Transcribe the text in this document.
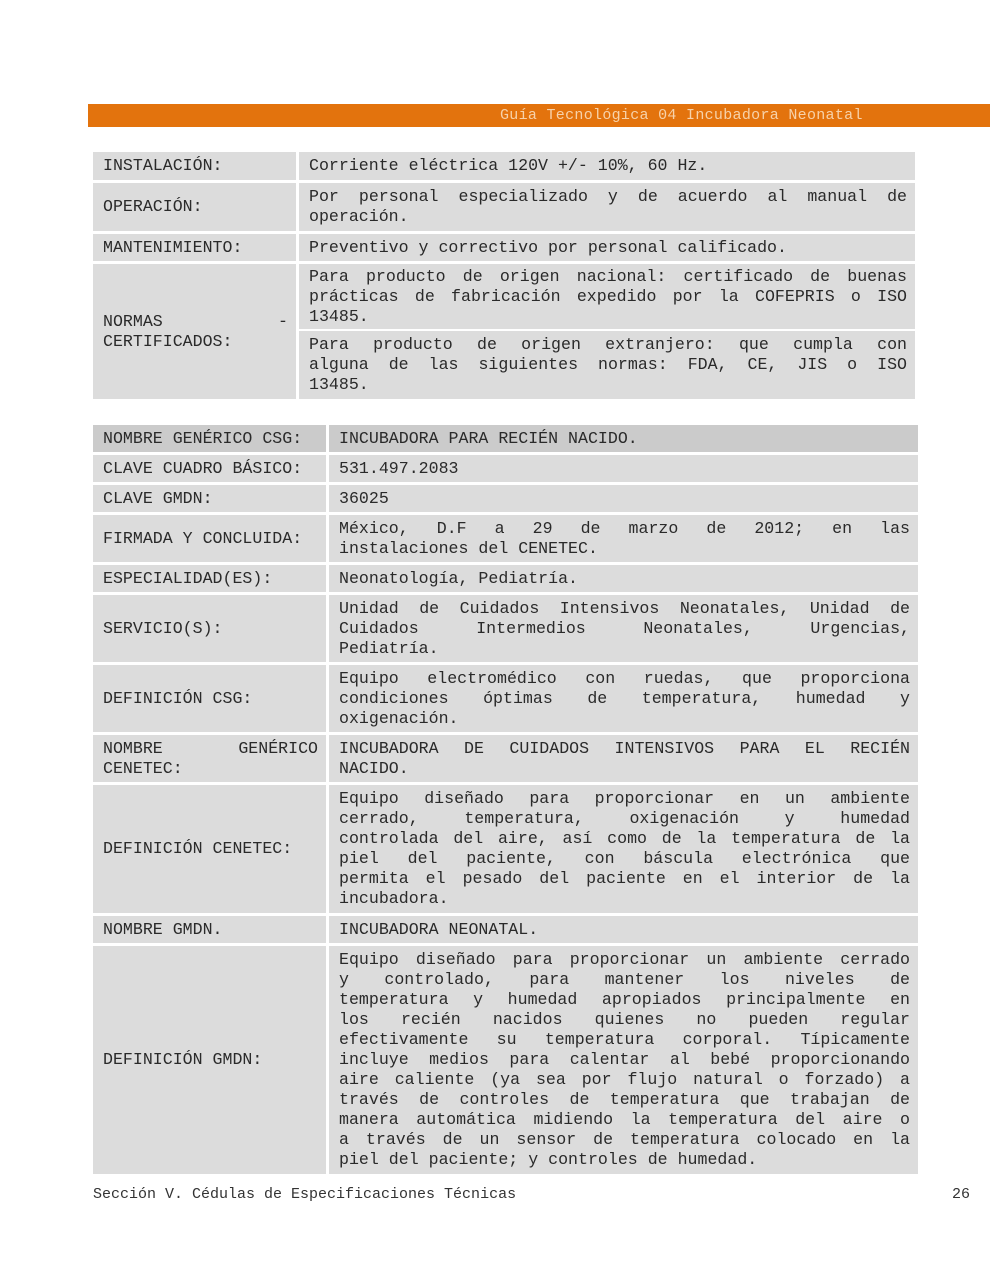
Guía Tecnológica 04 Incubadora Neonatal
INSTALACIÓN:	Corriente eléctrica 120V +/- 10%, 60 Hz.
OPERACIÓN:
Por personal especializado y de acuerdo al manual de
operación.
MANTENIMIENTO:	Preventivo y correctivo por personal calificado.
NORMAS -
CERTIFICADOS:
Para producto de origen nacional: certificado de buenas
prácticas de fabricación expedido por la COFEPRIS o ISO
13485.
Para producto de origen extranjero: que cumpla con
alguna de las siguientes normas: FDA, CE, JIS o ISO
13485.
NOMBRE GENÉRICO CSG:	INCUBADORA PARA RECIÉN NACIDO.
CLAVE CUADRO BÁSICO:	531.497.2083
CLAVE GMDN:	36025
FIRMADA Y CONCLUIDA:
México, D.F a 29 de marzo de 2012; en las
instalaciones del CENETEC.
ESPECIALIDAD(ES):	Neonatología, Pediatría.
SERVICIO(S):
Unidad de Cuidados Intensivos Neonatales, Unidad de
Cuidados Intermedios Neonatales, Urgencias,
Pediatría.
DEFINICIÓN CSG:
Equipo electromédico con ruedas, que proporciona
condiciones óptimas de temperatura, humedad y
oxigenación.
NOMBRE GENÉRICO
CENETEC:
INCUBADORA DE CUIDADOS INTENSIVOS PARA EL RECIÉN
NACIDO.
DEFINICIÓN CENETEC:
Equipo diseñado para proporcionar en un ambiente
cerrado, temperatura, oxigenación y humedad
controlada del aire, así como de la temperatura de la
piel del paciente, con báscula electrónica que
permita el pesado del paciente en el interior de la
incubadora.
NOMBRE GMDN.	INCUBADORA NEONATAL.
DEFINICIÓN GMDN:
Equipo diseñado para proporcionar un ambiente cerrado
y controlado, para mantener los niveles de
temperatura y humedad apropiados principalmente en
los recién nacidos quienes no pueden regular
efectivamente su temperatura corporal. Típicamente
incluye medios para calentar al bebé proporcionando
aire caliente (ya sea por flujo natural o forzado) a
través de controles de temperatura que trabajan de
manera automática midiendo la temperatura del aire o
a través de un sensor de temperatura colocado en la
piel del paciente; y controles de humedad.
Sección V. Cédulas de Especificaciones Técnicas	26
